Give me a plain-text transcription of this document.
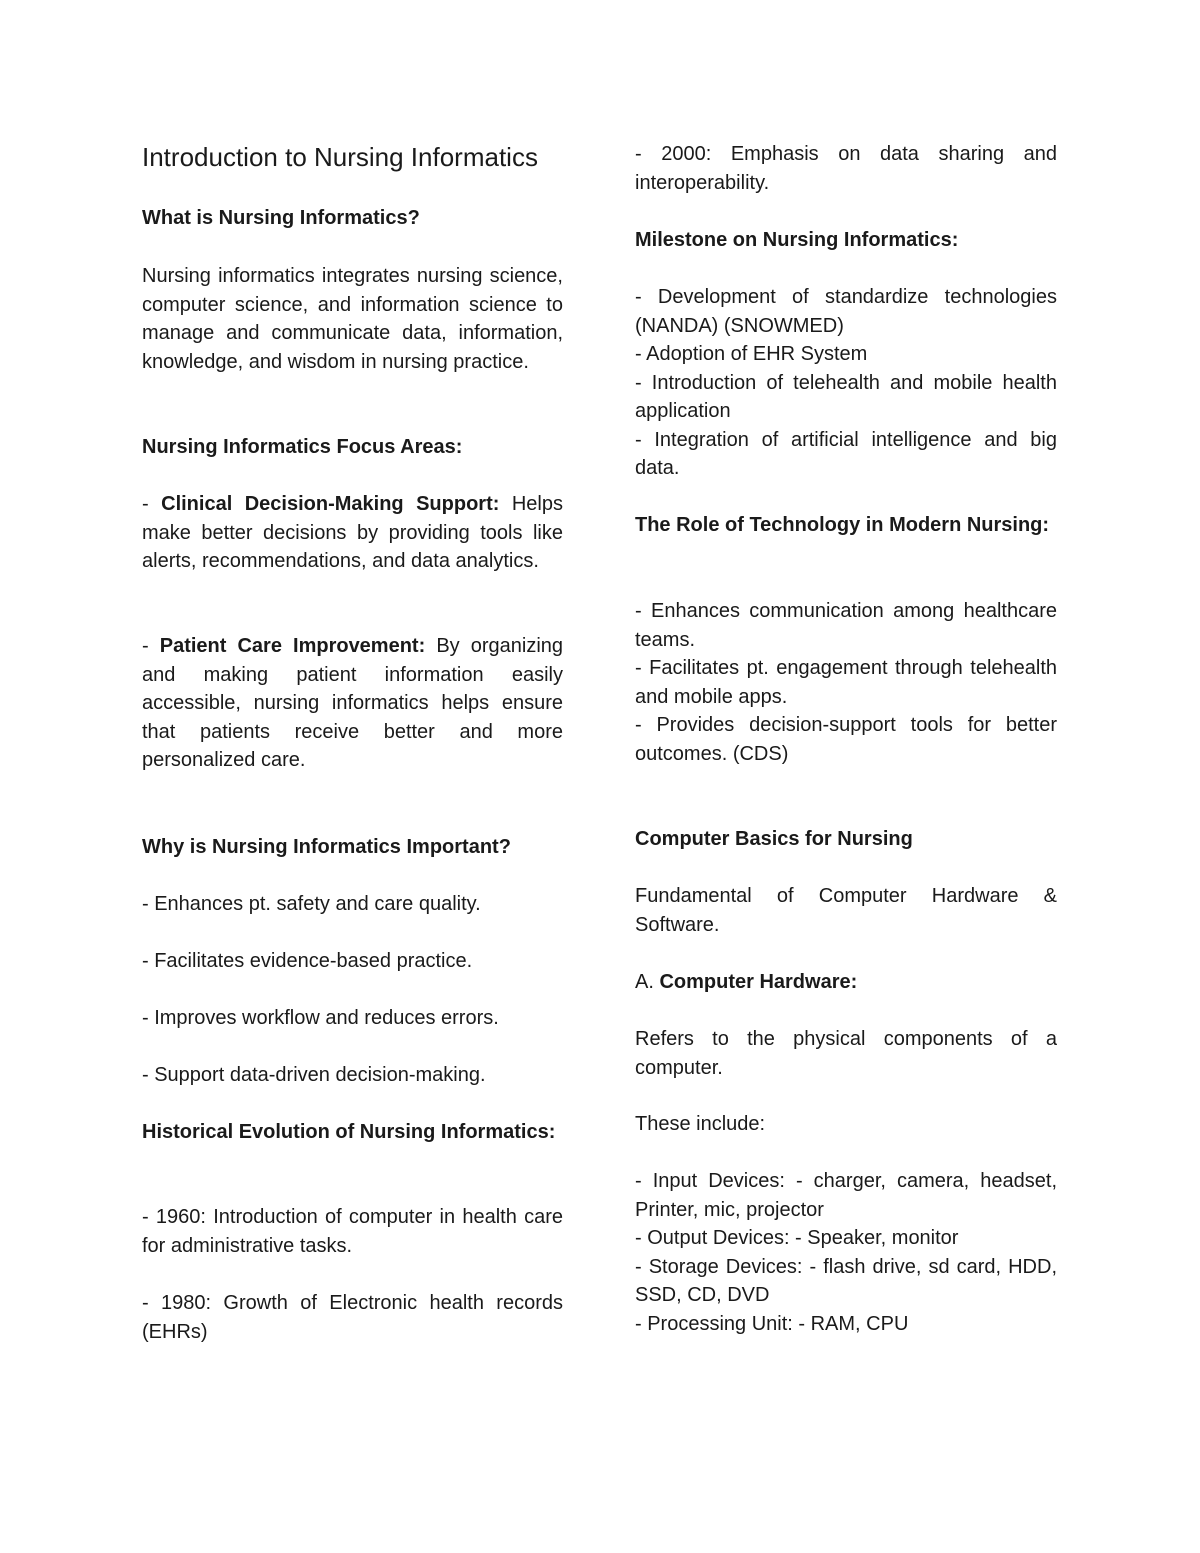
Introduction to Nursing Informatics

What is Nursing Informatics?

Nursing informatics integrates nursing science, computer science, and information science to manage and communicate data, information, knowledge, and wisdom in nursing practice.

Nursing Informatics Focus Areas:

- Clinical Decision-Making Support: Helps make better decisions by providing tools like alerts, recommendations, and data analytics.

- Patient Care Improvement: By organizing and making patient information easily accessible, nursing informatics helps ensure that patients receive better and more personalized care.

Why is Nursing Informatics Important?

- Enhances pt. safety and care quality.

- Facilitates evidence-based practice.

- Improves workflow and reduces errors.

- Support data-driven decision-making.

Historical Evolution of Nursing Informatics:

- 1960: Introduction of computer in health care for administrative tasks.

- 1980: Growth of Electronic health records (EHRs)

- 2000: Emphasis on data sharing and interoperability.

Milestone on Nursing Informatics:

- Development of standardize technologies (NANDA) (SNOWMED)
- Adoption of EHR System
- Introduction of telehealth and mobile health application
- Integration of artificial intelligence and big data.

The Role of Technology in Modern Nursing:

- Enhances communication among healthcare teams.
- Facilitates pt. engagement through telehealth and mobile apps.
- Provides decision-support tools for better outcomes. (CDS)

Computer Basics for Nursing

Fundamental of Computer Hardware & Software.

A. Computer Hardware:

Refers to the physical components of a computer.

These include:

- Input Devices: - charger, camera, headset, Printer, mic, projector
- Output Devices: - Speaker, monitor
- Storage Devices: - flash drive, sd card, HDD, SSD, CD, DVD
- Processing Unit: - RAM, CPU
